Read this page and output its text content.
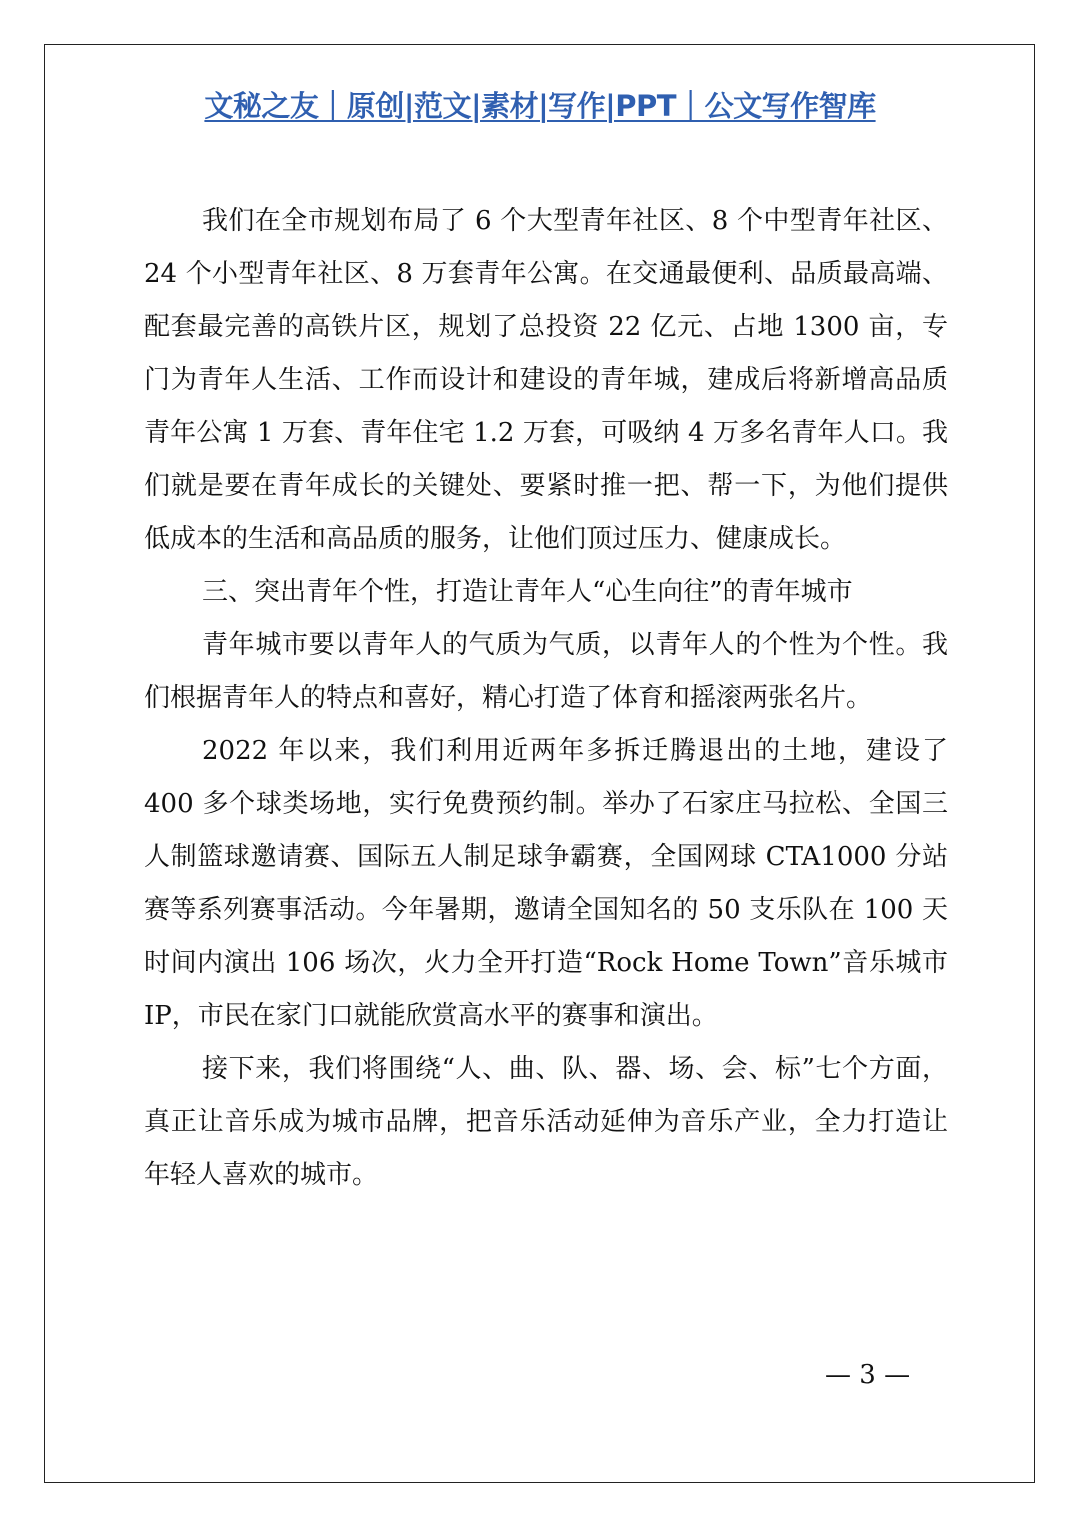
文秘之友｜原创|范文|素材|写作|PPT｜公文写作智库

我们在全市规划布局了 6 个大型青年社区、8 个中型青年社区、24 个小型青年社区、8 万套青年公寓。在交通最便利、品质最高端、配套最完善的高铁片区，规划了总投资 22 亿元、占地 1300 亩，专门为青年人生活、工作而设计和建设的青年城，建成后将新增高品质青年公寓 1 万套、青年住宅 1.2 万套，可吸纳 4 万多名青年人口。我们就是要在青年成长的关键处、要紧时推一把、帮一下，为他们提供低成本的生活和高品质的服务，让他们顶过压力、健康成长。

三、突出青年个性，打造让青年人“心生向往”的青年城市

青年城市要以青年人的气质为气质，以青年人的个性为个性。我们根据青年人的特点和喜好，精心打造了体育和摇滚两张名片。

2022 年以来，我们利用近两年多拆迁腾退出的土地，建设了 400 多个球类场地，实行免费预约制。举办了石家庄马拉松、全国三人制篮球邀请赛、国际五人制足球争霸赛，全国网球 CTA1000 分站赛等系列赛事活动。今年暑期，邀请全国知名的 50 支乐队在 100 天时间内演出 106 场次，火力全开打造“Rock Home Town”音乐城市 IP，市民在家门口就能欣赏高水平的赛事和演出。

接下来，我们将围绕“人、曲、队、器、场、会、标”七个方面，真正让音乐成为城市品牌，把音乐活动延伸为音乐产业，全力打造让年轻人喜欢的城市。

— 3 —
